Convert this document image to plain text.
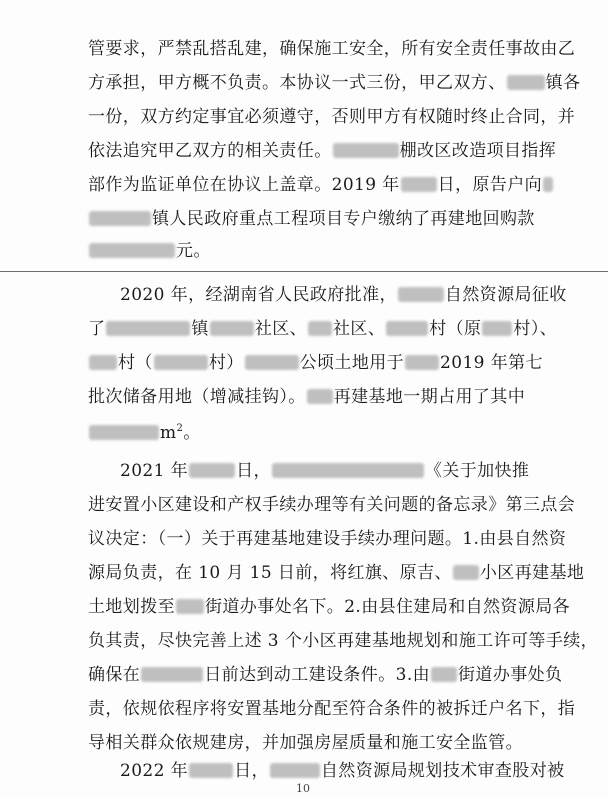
管要求，严禁乱搭乱建，确保施工安全，所有安全责任事故由乙
方承担，甲方概不负责。本协议一式三份，甲乙双方、 镇各
一份，双方约定事宜必须遵守，否则甲方有权随时终止合同，并
依法追究甲乙双方的相关责任。	棚改区改造项目指挥
部作为监证单位在协议上盖章。2019 年 日，原告户向
镇人民政府重点工程项目专户缴纳了再建地回购款
元。
2020 年，经湖南省人民政府批准，	自然资源局征收
了	镇	社区、 社区、	村（原 村）、
村（	村）	公顷土地用于 2019 年第七
批次储备用地（增减挂钩）。 再建基地一期占用了其中
$m^2$。
2021 年	日，	《关于加快推
进安置小区建设和产权手续办理等有关问题的备忘录》第三点会
议决定：（一）关于再建基地建设手续办理问题。1.由县自然资
源局负责，在 10 月 15 日前，将红旗、原吉、 小区再建基地
土地划拨至 街道办事处名下。2.由县住建局和自然资源局各
负其责，尽快完善上述 3 个小区再建基地规划和施工许可等手续，
确保在	日前达到动工建设条件。3.由 街道办事处负
责，依规依程序将安置基地分配至符合条件的被拆迁户名下，指
导相关群众依规建房，并加强房屋质量和施工安全监管。
2022 年	日，	自然资源局规划技术审查股对被
10
